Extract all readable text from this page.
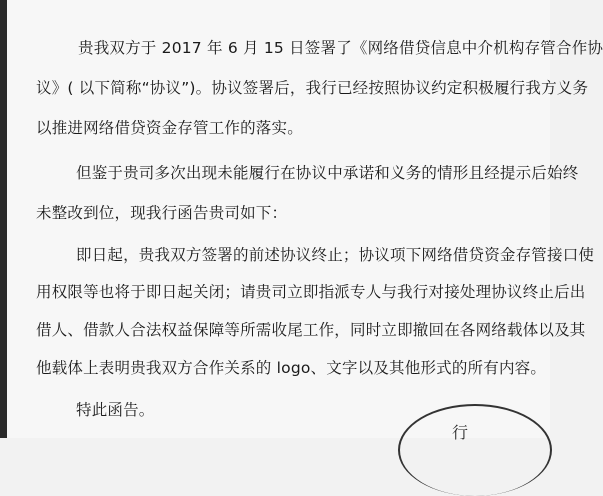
贵我双方于 2017 年 6 月 15 日签署了《网络借贷信息中介机构存管合作协
议》( 以下简称“协议”)。协议签署后，我行已经按照协议约定积极履行我方义务
以推进网络借贷资金存管工作的落实。
但鉴于贵司多次出现未能履行在协议中承诺和义务的情形且经提示后始终
未整改到位，现我行函告贵司如下：
即日起，贵我双方签署的前述协议终止；协议项下网络借贷资金存管接口使
用权限等也将于即日起关闭；请贵司立即指派专人与我行对接处理协议终止后出
借人、借款人合法权益保障等所需收尾工作，同时立即撤回在各网络载体以及其
他载体上表明贵我双方合作关系的 logo、文字以及其他形式的所有内容。
特此函告。
行
